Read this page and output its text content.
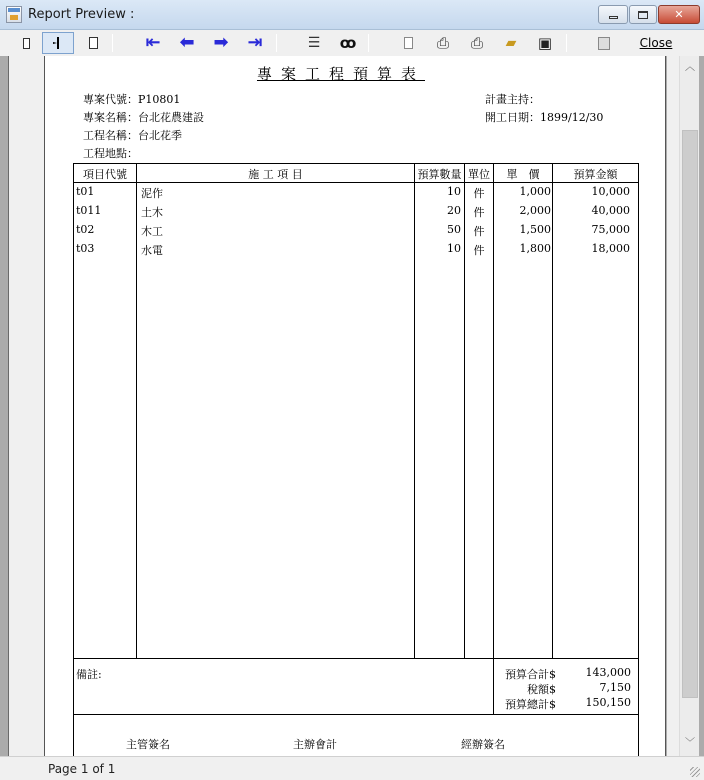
Report Preview :	✕
⇤ ⬅ ➡ ⇥	☰ ꝏ	⎙ ⎙ ▰ ▣	Close
專案工程預算表
專案代號：P10801
專案名稱：台北花農建設
工程名稱：台北花季
工程地點：
計畫主持：
開工日期：1899/12/30
項目代號	施 工 項 目	預算數量 單位	單　價	預算金額
t01	泥作	10	件	1,000	10,000
t011	土木	20	件	2,000	40,000
t02	木工	50	件	1,500	75,000
t03	水電	10	件	1,800	18,000
備註:	預算合計$	143,000
稅額$	7,150
預算總計$	150,150
主管簽名	主辦會計	經辦簽名
︿
﹀
Page 1 of 1
